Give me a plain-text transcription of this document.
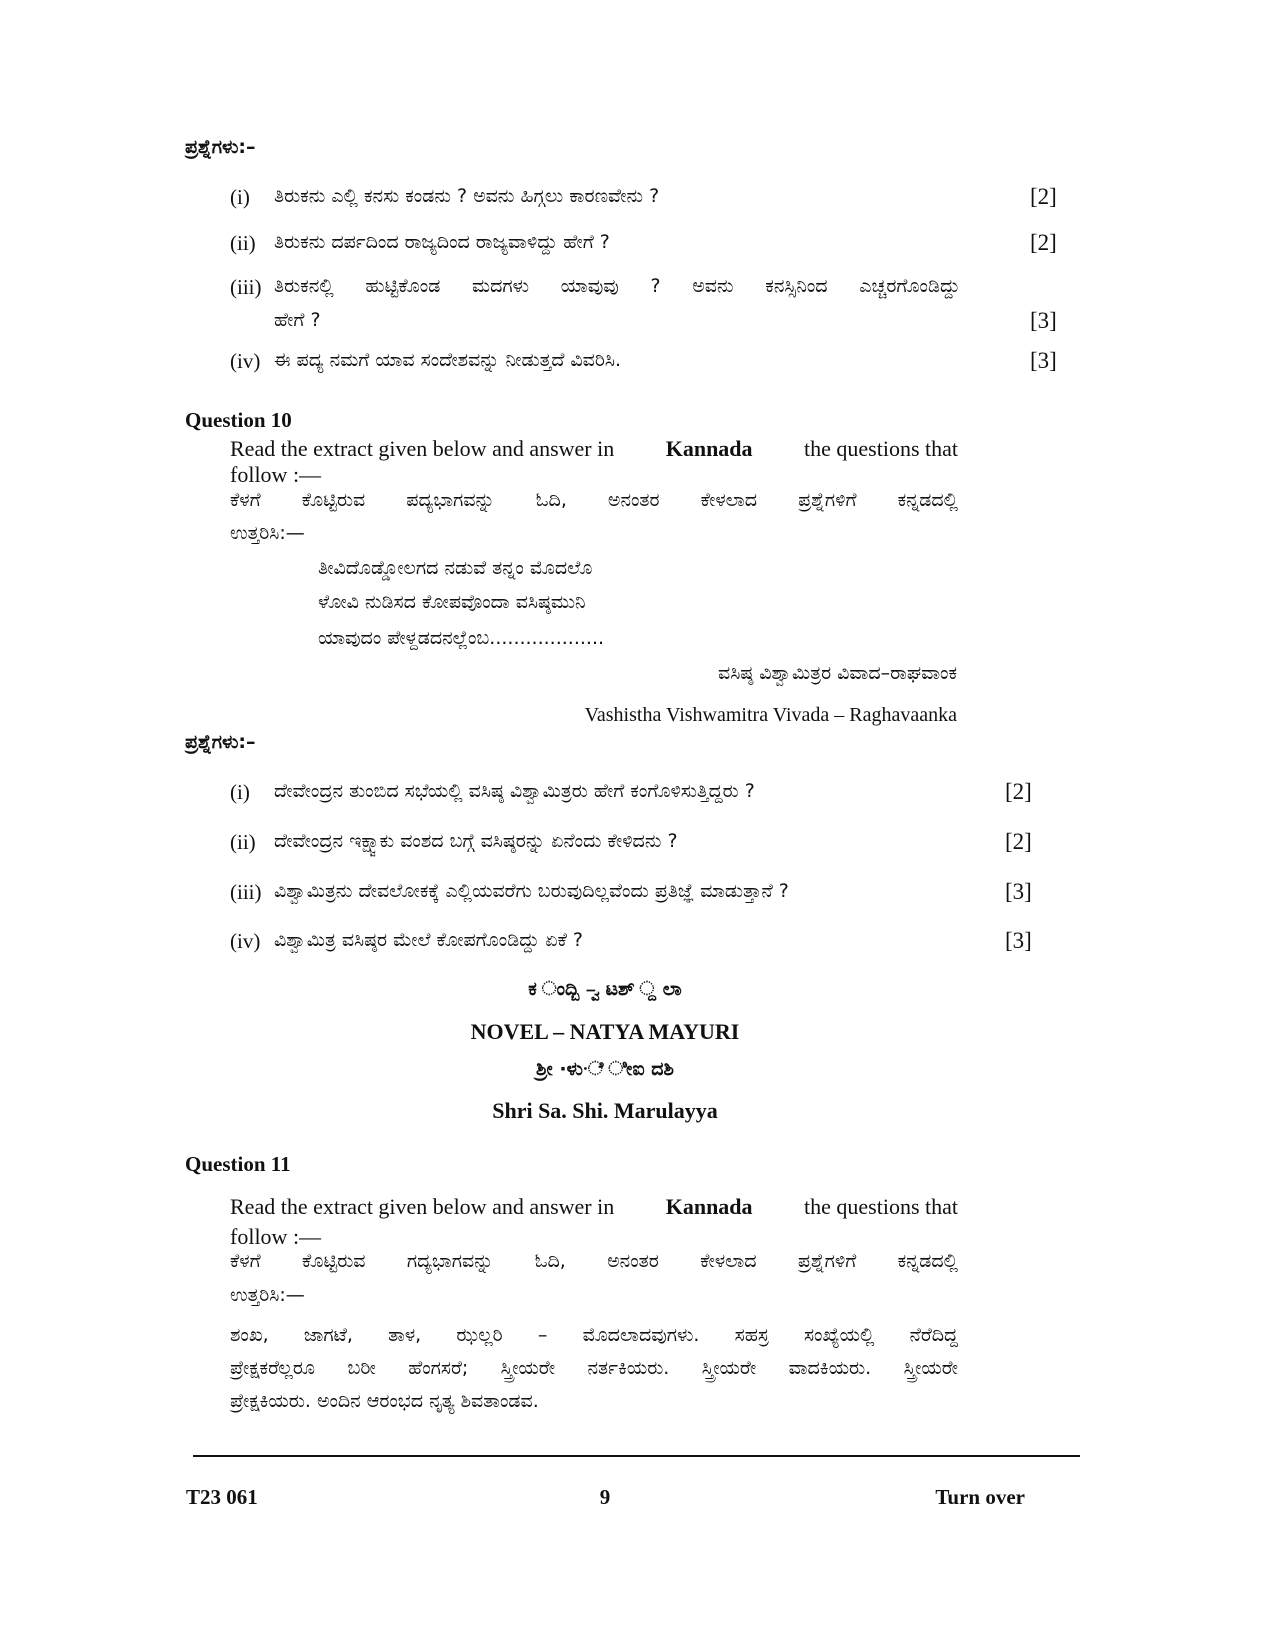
ಪ್ರಶ್ನೆಗಳು:–
(i) ತಿರುಕನು ಎಲ್ಲಿ ಕನಸು ಕಂಡನು ? ಅವನು ಹಿಗ್ಗಲು ಕಾರಣವೇನು ?	[2]
(ii) ತಿರುಕನು ದರ್ಪದಿಂದ ರಾಜ್ಯದಿಂದ ರಾಜ್ಯವಾಳಿದ್ದು ಹೇಗೆ ?	[2]
(iii) ತಿರುಕನಲ್ಲಿ ಹುಟ್ಟಿಕೊಂಡ ಮದಗಳು ಯಾವುವು ? ಅವನು ಕನಸ್ಸಿನಿಂದ ಎಚ್ಚರಗೊಂಡಿದ್ದು
ಹೇಗೆ ?	[3]
(iv) ಈ ಪದ್ಯ ನಮಗೆ ಯಾವ ಸಂದೇಶವನ್ನು ನೀಡುತ್ತದೆ ವಿವರಿಸಿ.	[3]
Question 10
Read the extract given below and answer in Kannada the questions that
follow :—
ಕೆಳಗೆ ಕೊಟ್ಟಿರುವ ಪದ್ಯಭಾಗವನ್ನು ಓದಿ, ಅನಂತರ ಕೇಳಲಾದ ಪ್ರಶ್ನೆಗಳಿಗೆ ಕನ್ನಡದಲ್ಲಿ
ಉತ್ತರಿಸಿ:—
ತೀವಿದೊಡ್ಡೋಲಗದ ನಡುವೆ ತನ್ನಂ ಮೊದಲೊ
ಳೋವಿ ನುಡಿಸದ ಕೋಪವೊಂದಾ ವಸಿಷ್ಠಮುನಿ
ಯಾವುದಂ ಪೇಳ್ದಡದನಲ್ಲೆಂಬ...................
ವಸಿಷ್ಠ ವಿಶ್ವಾಮಿತ್ರರ ವಿವಾದ–ರಾಘವಾಂಕ
Vashistha Vishwamitra Vivada – Raghavaanka
ಪ್ರಶ್ನೆಗಳು:–
(i) ದೇವೇಂದ್ರನ ತುಂಬಿದ ಸಭೆಯಲ್ಲಿ ವಸಿಷ್ಠ ವಿಶ್ವಾಮಿತ್ರರು ಹೇಗೆ ಕಂಗೊಳಿಸುತ್ತಿದ್ದರು ?	[2]
(ii) ದೇವೇಂದ್ರನ ಇಕ್ಷ್ವಾಕು ವಂಶದ ಬಗ್ಗೆ ವಸಿಷ್ಠರನ್ನು ಏನೆಂದು ಕೇಳಿದನು ?	[2]
(iii) ವಿಶ್ವಾಮಿತ್ರನು ದೇವಲೋಕಕ್ಕೆ ಎಲ್ಲಿಯವರೆಗು ಬರುವುದಿಲ್ಲವೆಂದು ಪ್ರತಿಜ್ಞೆ ಮಾಡುತ್ತಾನೆ ?	[3]
(iv) ವಿಶ್ವಾಮಿತ್ರ ವಸಿಷ್ಠರ ಮೇಲೆ ಕೋಪಗೊಂಡಿದ್ದು ಏಕೆ ?	[3]
ಕ ಂದ್ಬಿ –್ವ ಟಶ್ ್ದ ಲಾ
NOVEL – NATYA MAYURI
ಶ್ರೀ ·ಳು·ೆ ೀಐ ದಶಿ
Shri Sa. Shi. Marulayya
Question 11
Read the extract given below and answer in Kannada the questions that
follow :—
ಕೆಳಗೆ ಕೊಟ್ಟಿರುವ ಗದ್ಯಭಾಗವನ್ನು ಓದಿ, ಅನಂತರ ಕೇಳಲಾದ ಪ್ರಶ್ನೆಗಳಿಗೆ ಕನ್ನಡದಲ್ಲಿ
ಉತ್ತರಿಸಿ:—
ಶಂಖ, ಜಾಗಟೆ, ತಾಳ, ಝಲ್ಲರಿ – ಮೊದಲಾದವುಗಳು. ಸಹಸ್ರ ಸಂಖ್ಯೆಯಲ್ಲಿ ನೆರೆದಿದ್ದ
ಪ್ರೇಕ್ಷಕರೆಲ್ಲರೂ ಬರೀ ಹೆಂಗಸರೆ; ಸ್ತ್ರೀಯರೇ ನರ್ತಕಿಯರು. ಸ್ತ್ರೀಯರೇ ವಾದಕಿಯರು. ಸ್ತ್ರೀಯರೇ
ಪ್ರೇಕ್ಷಕಿಯರು. ಅಂದಿನ ಆರಂಭದ ನೃತ್ಯ ಶಿವತಾಂಡವ.
T23 061	9	Turn over
